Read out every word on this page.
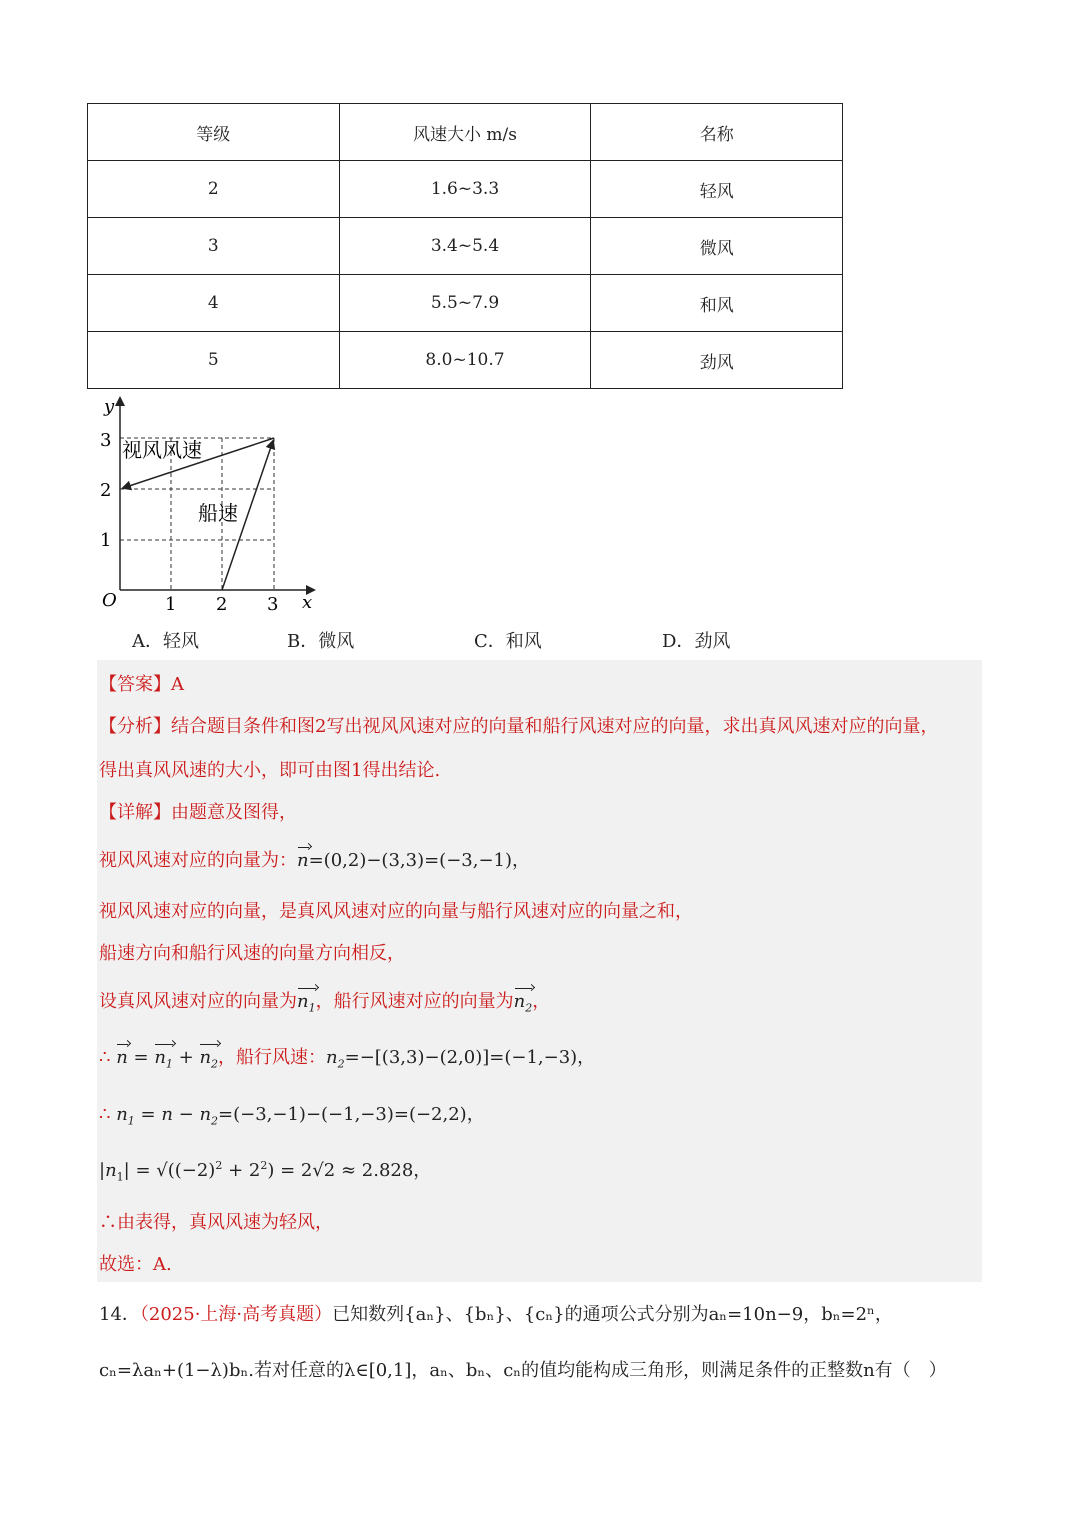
等级	风速大小 m/s	名称
2	1.6~3.3	轻风
3	3.4~5.4	微风
4	5.5~7.9	和风
5	8.0~10.7	劲风
y
x
O
3
2
1
1 2 3
视风风速
船速
A．轻风	B．微风	C．和风	D．劲风
【答案】A
【分析】结合题目条件和图2写出视风风速对应的向量和船行风速对应的向量，求出真风风速对应的向量，
得出真风风速的大小，即可由图1得出结论.
【详解】由题意及图得，
视风风速对应的向量为：n=(0,2)−(3,3)=(−3,−1)，
视风风速对应的向量，是真风风速对应的向量与船行风速对应的向量之和，
船速方向和船行风速的向量方向相反，
设真风风速对应的向量为$n_1$，船行风速对应的向量为$n_2$，
∴ $n = n_1 + n_2$，船行风速：$n_2=-[(3,3)-(2,0)]=(-1,-3)$，
∴ $n_1 = n - n_2=(-3,-1)-(-1,-3)=(-2,2)$，
$|n_1| = √((-2)^2 + 2^2) = 2√2 \approx 2.828$，
∴由表得，真风风速为轻风，
故选：A.
14．（2025·上海·高考真题）已知数列{aₙ}、{bₙ}、{cₙ}的通项公式分别为aₙ=10n−9，bₙ=2ⁿ，
cₙ=λaₙ+(1−λ)bₙ.若对任意的λ∈[0,1]，aₙ、bₙ、cₙ的值均能构成三角形，则满足条件的正整数n有（　）
